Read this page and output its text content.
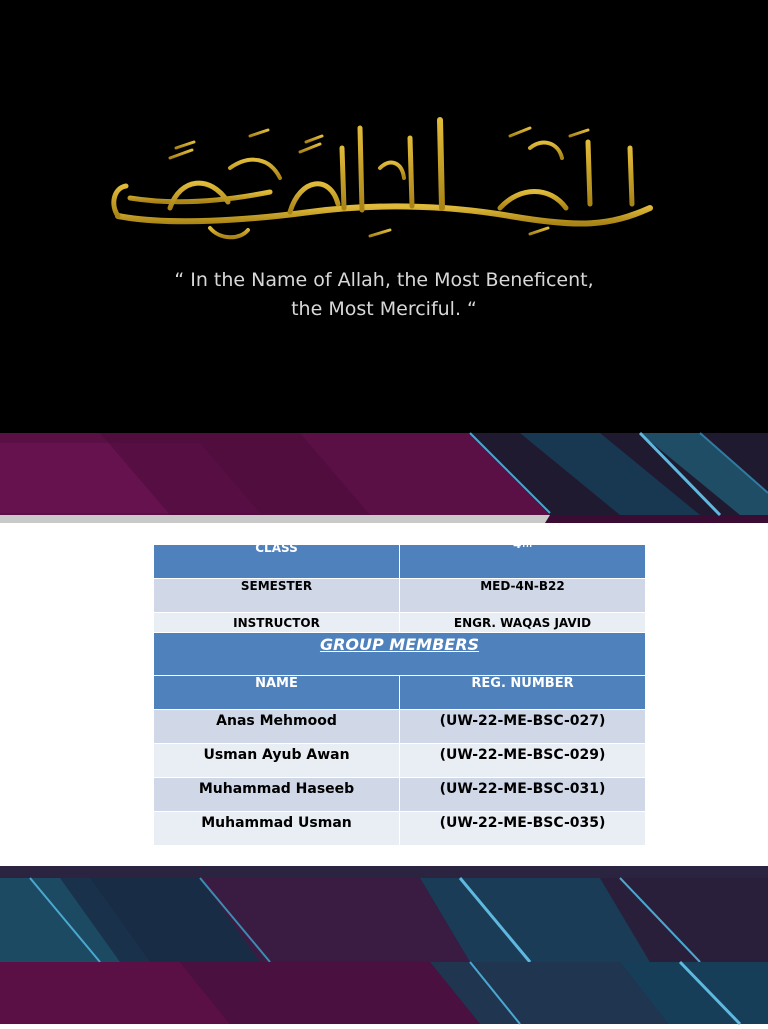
بسم الله الرحمن الرحيم
“ In the Name of Allah, the Most Beneficent,
the Most Merciful. “
CLASS	4TH
SEMESTER	MED-4N-B22
INSTRUCTOR	ENGR. WAQAS JAVID
GROUP MEMBERS	
NAME	REG. NUMBER
Anas Mehmood	(UW-22-ME-BSC-027)
Usman Ayub Awan	(UW-22-ME-BSC-029)
Muhammad Haseeb	(UW-22-ME-BSC-031)
Muhammad Usman	(UW-22-ME-BSC-035)
